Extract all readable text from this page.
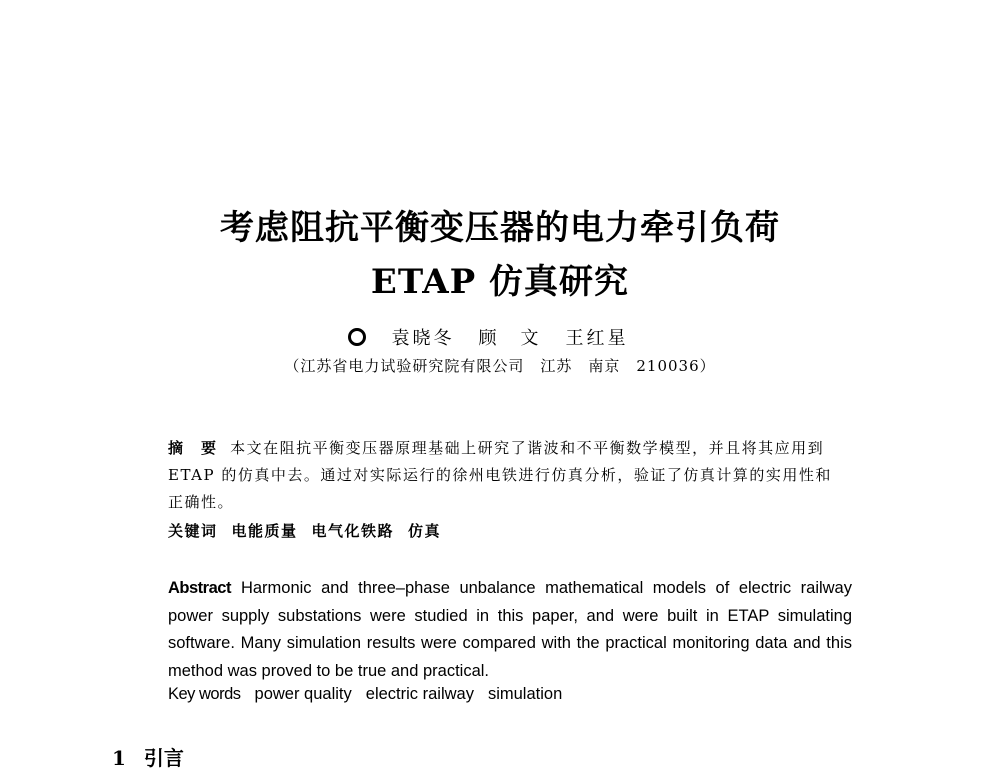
考虑阻抗平衡变压器的电力牵引负荷
ETAP 仿真研究
袁晓冬 顾　文 王红星
（江苏省电力试验研究院有限公司　江苏　南京　210036）
摘　要 本文在阻抗平衡变压器原理基础上研究了谐波和不平衡数学模型，并且将其应用到 ETAP 的仿真中去。通过对实际运行的徐州电铁进行仿真分析，验证了仿真计算的实用性和正确性。
关键词 电能质量 电气化铁路 仿真
Abstract Harmonic and three–phase unbalance mathematical models of electric railway power supply substations were studied in this paper, and were built in ETAP simulating software. Many simulation results were compared with the practical monitoring data and this method was proved to be true and practical.
Key words power quality electric railway simulation
1 引言
